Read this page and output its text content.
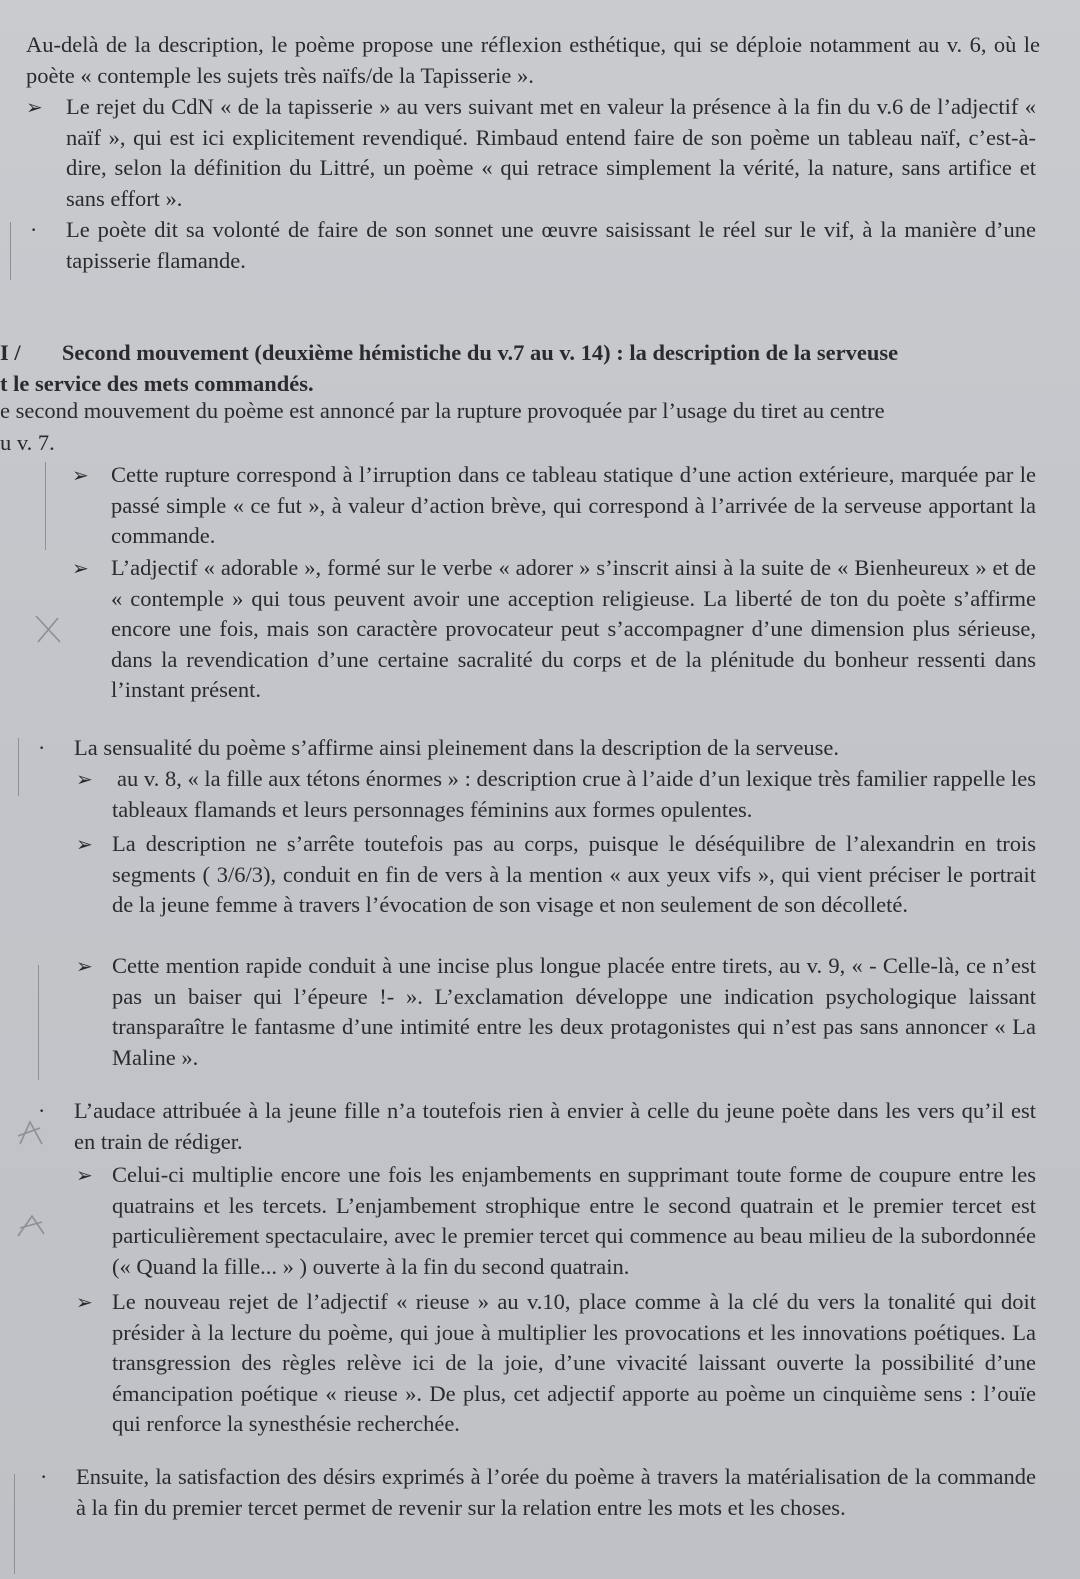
Au-delà de la description, le poème propose une réflexion esthétique, qui se déploie notamment au v. 6, où le poète « contemple les sujets très naïfs/de la Tapisserie ».

➢ Le rejet du CdN « de la tapisserie » au vers suivant met en valeur la présence à la fin du v.6 de l’adjectif « naïf », qui est ici explicitement revendiqué. Rimbaud entend faire de son poème un tableau naïf, c’est-à-dire, selon la définition du Littré, un poème « qui retrace simplement la vérité, la nature, sans artifice et sans effort ».

· Le poète dit sa volonté de faire de son sonnet une œuvre saisissant le réel sur le vif, à la manière d’une tapisserie flamande.

I / Second mouvement (deuxième hémistiche du v.7 au v. 14) : la description de la serveuse
t le service des mets commandés.

e second mouvement du poème est annoncé par la rupture provoquée par l’usage du tiret au centre

u v. 7.

➢ Cette rupture correspond à l’irruption dans ce tableau statique d’une action extérieure, marquée par le passé simple « ce fut », à valeur d’action brève, qui correspond à l’arrivée de la serveuse apportant la commande.

➢ L’adjectif « adorable », formé sur le verbe « adorer » s’inscrit ainsi à la suite de « Bienheureux » et de « contemple » qui tous peuvent avoir une acception religieuse. La liberté de ton du poète s’affirme encore une fois, mais son caractère provocateur peut s’accompagner d’une dimension plus sérieuse, dans la revendication d’une certaine sacralité du corps et de la plénitude du bonheur ressenti dans l’instant présent.

· La sensualité du poème s’affirme ainsi pleinement dans la description de la serveuse.

➢ au v. 8, « la fille aux tétons énormes » : description crue à l’aide d’un lexique très familier rappelle les tableaux flamands et leurs personnages féminins aux formes opulentes.

➢ La description ne s’arrête toutefois pas au corps, puisque le déséquilibre de l’alexandrin en trois segments ( 3/6/3), conduit en fin de vers à la mention « aux yeux vifs », qui vient préciser le portrait de la jeune femme à travers l’évocation de son visage et non seulement de son décolleté.

➢ Cette mention rapide conduit à une incise plus longue placée entre tirets, au v. 9, « - Celle-là, ce n’est pas un baiser qui l’épeure !- ». L’exclamation développe une indication psychologique laissant transparaître le fantasme d’une intimité entre les deux protagonistes qui n’est pas sans annoncer « La Maline ».

· L’audace attribuée à la jeune fille n’a toutefois rien à envier à celle du jeune poète dans les vers qu’il est en train de rédiger.

➢ Celui-ci multiplie encore une fois les enjambements en supprimant toute forme de coupure entre les quatrains et les tercets. L’enjambement strophique entre le second quatrain et le premier tercet est particulièrement spectaculaire, avec le premier tercet qui commence au beau milieu de la subordonnée (« Quand la fille... » ) ouverte à la fin du second quatrain.

➢ Le nouveau rejet de l’adjectif « rieuse » au v.10, place comme à la clé du vers la tonalité qui doit présider à la lecture du poème, qui joue à multiplier les provocations et les innovations poétiques. La transgression des règles relève ici de la joie, d’une vivacité laissant ouverte la possibilité d’une émancipation poétique « rieuse ». De plus, cet adjectif apporte au poème un cinquième sens : l’ouïe qui renforce la synesthésie recherchée.

· Ensuite, la satisfaction des désirs exprimés à l’orée du poème à travers la matérialisation de la commande à la fin du premier tercet permet de revenir sur la relation entre les mots et les choses.
